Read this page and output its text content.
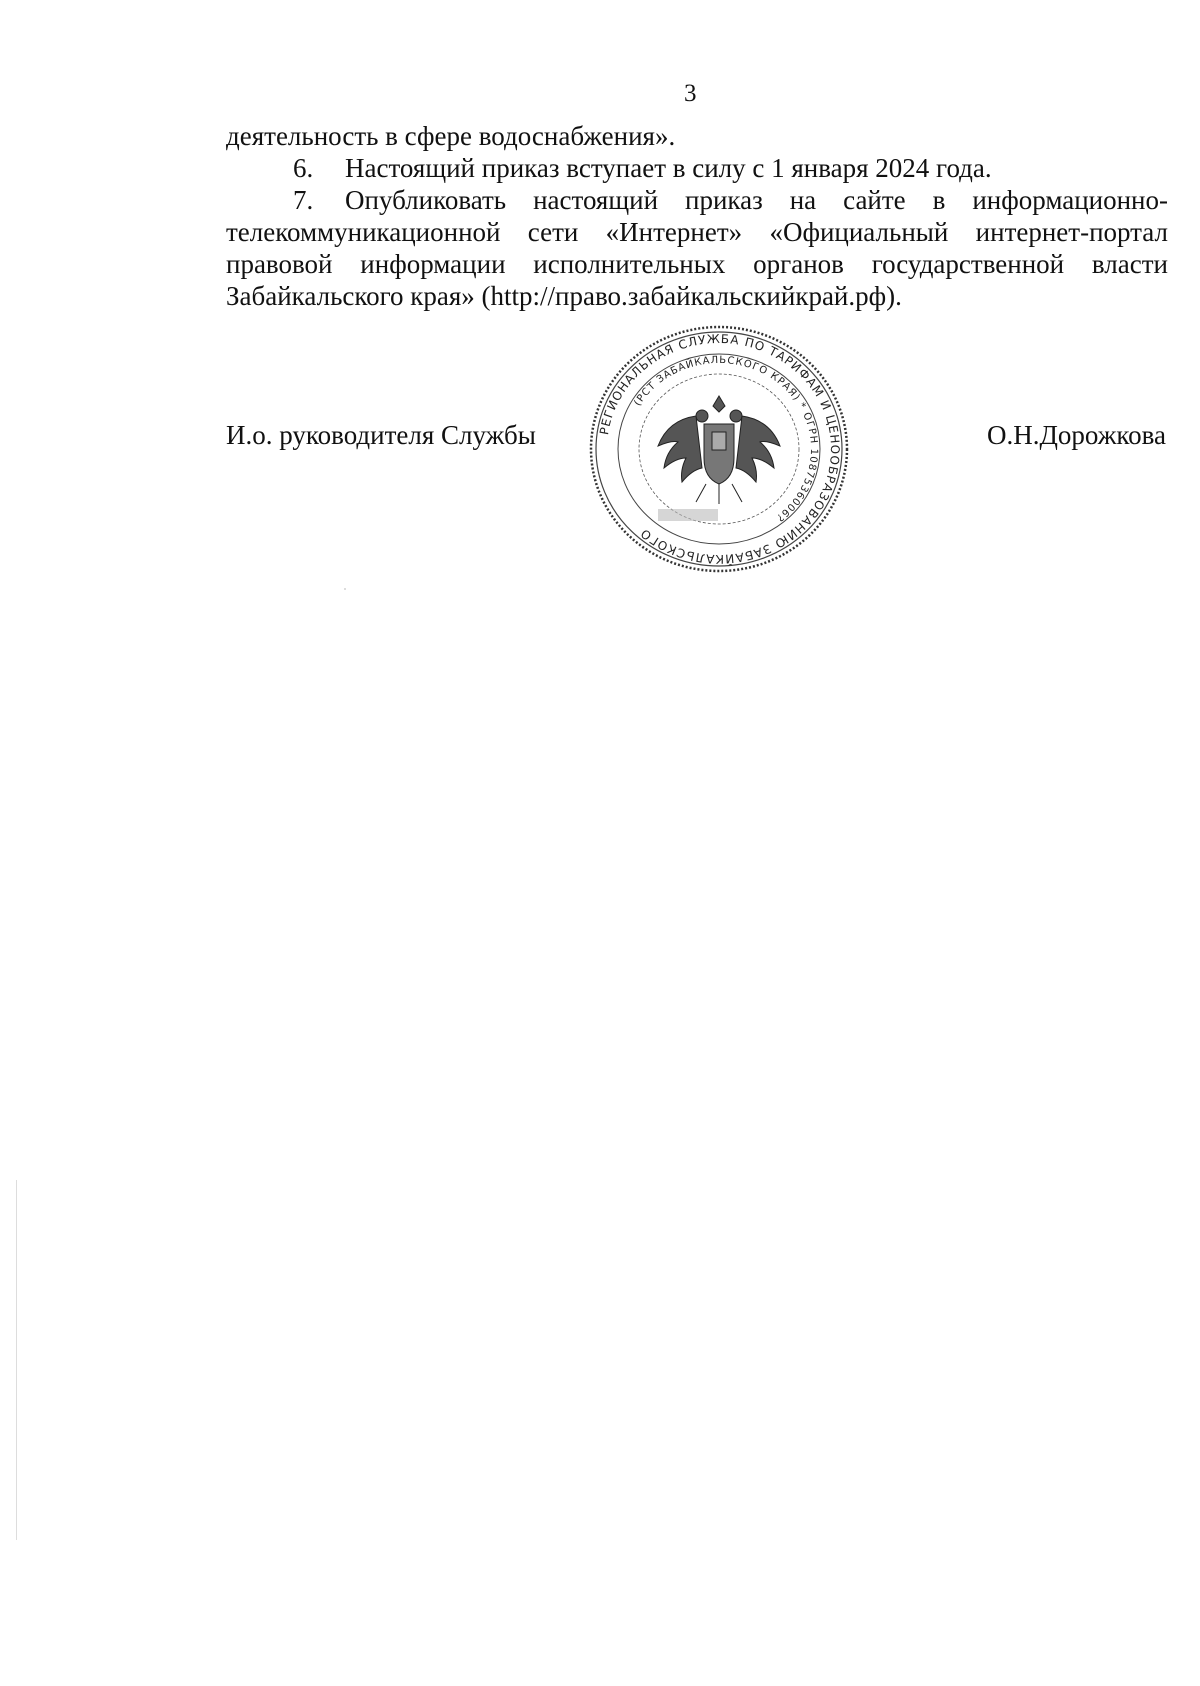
3
деятельность в сфере водоснабжения».
6. Настоящий приказ вступает в силу с 1 января 2024 года.
7. Опубликовать настоящий приказ на сайте в информационно-
телекоммуникационной сети «Интернет» «Официальный интернет-портал
правовой информации исполнительных органов государственной власти
Забайкальского края» (http://право.забайкальскийкрай.рф).
И.о. руководителя Службы	О.Н.Дорожкова
РЕГИОНАЛЬНАЯ СЛУЖБА ПО ТАРИФАМ И ЦЕНООБРАЗОВАНИЮ ЗАБАЙКАЛЬСКОГО
(РСТ ЗАБАЙКАЛЬСКОГО КРАЯ) * ОГРН 1087536006?
